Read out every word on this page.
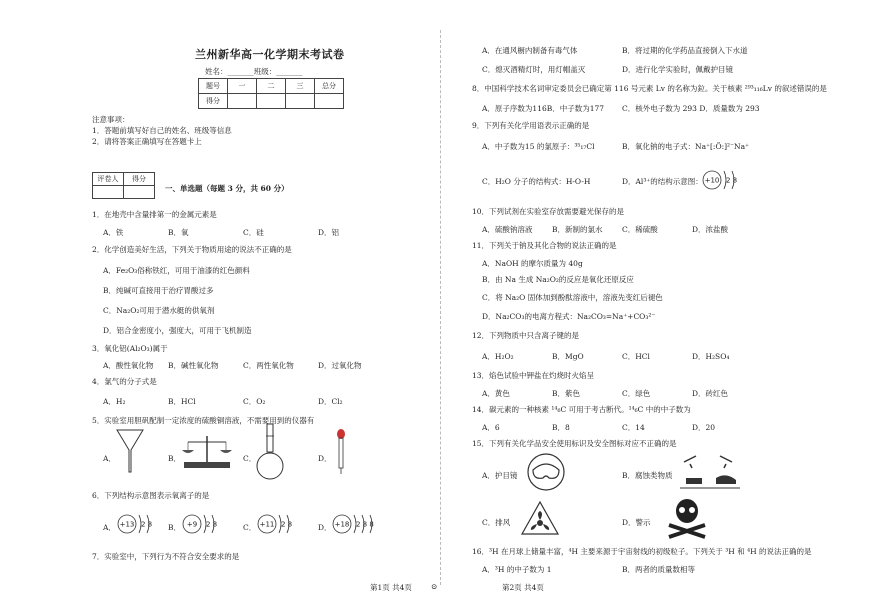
兰州新华高一化学期末考试卷
姓名：_______班级：_______
题号	一	二	三	总分
得分				
注意事项：
1．答题前填写好自己的姓名、班级等信息
2．请将答案正确填写在答题卡上
评卷人	得分

一、单选题（每题 3 分，共 60 分）
1．在地壳中含量排第一的金属元素是
A．铁	B．氧	C．硅	D．铝
2．化学创造美好生活，下列关于物质用途的说法不正确的是
A．Fe₂O₃俗称铁红，可用于油漆的红色颜料
B．纯碱可直接用于治疗胃酸过多
C．Na₂O₂可用于潜水艇的供氧剂
D．铝合金密度小，强度大，可用于飞机制造
3．氧化铝(Al₂O₃)属于
A．酸性氧化物 B．碱性氧化物	C．两性氧化物	D．过氧化物
4．氯气的分子式是
A．H₂	B．HCl	C．O₂	D．Cl₂
5．实验室用胆矾配制一定浓度的硫酸铜溶液，不需要用到的仪器有
A．	B．	C．	D．
6．下列结构示意图表示氧离子的是
A．	B．	C．	D．
+13 2 8	+9 2 8	+11 2 8	+18 2 8 8
7．实验室中，下列行为不符合安全要求的是
第1页 共4页	⊙
A．在通风橱内制备有毒气体	B．将过期的化学药品直接倒入下水道
C．熄灭酒精灯时，用灯帽盖灭	D．进行化学实验时，佩戴护目镜
8．中国科学技术名词审定委员会已确定第 116 号元素 Lv 的名称为鉝。关于核素 ²⁹³₁₁₆Lv 的叙述错误的是
A．原子序数为116B．中子数为177 C．核外电子数为 293 D．质量数为 293
9．下列有关化学用语表示正确的是
A．中子数为15 的氯原子：³⁵₁₇Cl	B．氧化钠的电子式：Na⁺[:Ö:]²⁻Na⁺
C．H₂O 分子的结构式：H-O-H	D．Al³⁺的结构示意图： +10 2 8
10．下列试剂在实验室存放需要避光保存的是
A．硫酸钠溶液	B．新制的氯水	C．稀硫酸	D．浓盐酸
11．下列关于钠及其化合物的说法正确的是
A．NaOH 的摩尔质量为 40g
B．由 Na 生成 Na₂O₂的反应是氧化还原反应
C．将 Na₂O 固体加到酚酞溶液中，溶液先变红后褪色
D．Na₂CO₃的电离方程式：Na₂CO₃=Na⁺+CO₃²⁻
12．下列物质中只含离子键的是
A．H₂O₂	B．MgO	C．HCl	D．H₂SO₄
13．焰色试验中钾盐在灼烧时火焰呈
A．黄色	B．紫色	C．绿色	D．砖红色
14．碳元素的一种核素 ¹⁴₆C 可用于考古断代。¹⁴₆C 中的中子数为
A．6	B．8	C．14	D．20
15．下列有关化学品安全使用标识及安全图标对应不正确的是
A．护目镜	B．腐蚀类物质
C．排风	D．警示
16．³H 在月球上储量丰富，⁴H 主要来源于宇宙射线的初级粒子。下列关于 ³H 和 ⁴H 的说法正确的是
A．³H 的中子数为 1	B．两者的质量数相等
第2页 共4页
